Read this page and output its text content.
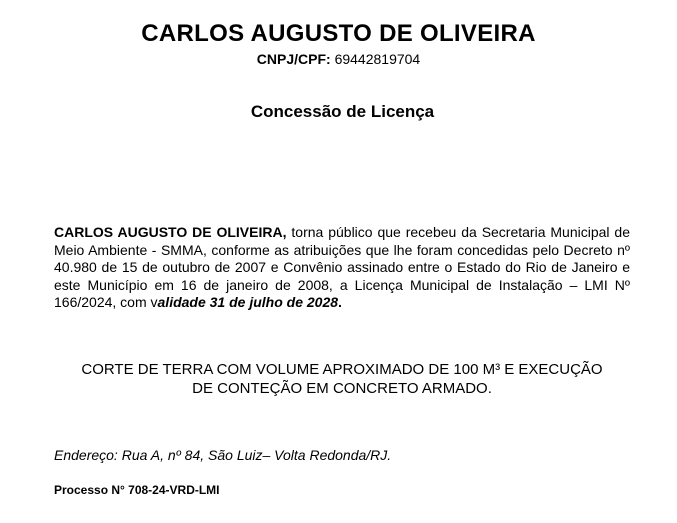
CARLOS AUGUSTO DE OLIVEIRA
CNPJ/CPF: 69442819704
Concessão de Licença
CARLOS AUGUSTO DE OLIVEIRA, torna público que recebeu da Secretaria Municipal de Meio Ambiente - SMMA, conforme as atribuições que lhe foram concedidas pelo Decreto nº 40.980 de 15 de outubro de 2007 e Convênio assinado entre o Estado do Rio de Janeiro e este Município em 16 de janeiro de 2008, a Licença Municipal de Instalação – LMI Nº 166/2024, com validade 31 de julho de 2028.
CORTE DE TERRA COM VOLUME APROXIMADO DE 100 M³ E EXECUÇÃO
DE CONTEÇÃO EM CONCRETO ARMADO.
Endereço: Rua A, nº 84, São Luiz– Volta Redonda/RJ.
Processo N° 708-24-VRD-LMI
